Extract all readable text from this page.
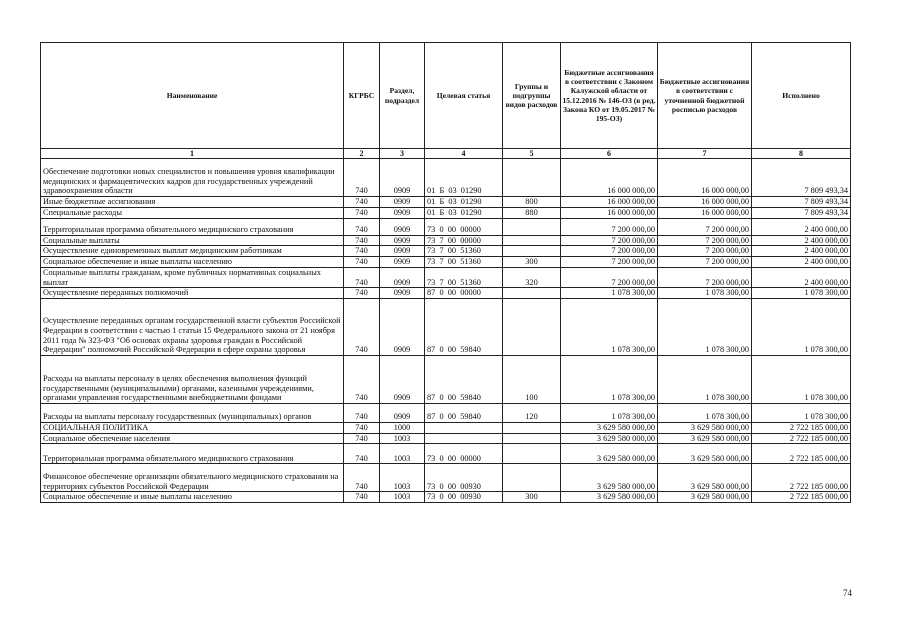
Наименование	КГРБС	Раздел, подраздел	Целевая статья	Группы и подгруппы видов расходов	Бюджетные ассигнования в соответствии с Законом Калужской области от 15.12.2016 № 146-ОЗ (в ред. Закона КО от 19.05.2017 № 195-ОЗ)	Бюджетные ассигнования в соответствии с уточненной бюджетной росписью расходов	Исполнено
1	2	3	4	5	6	7	8
Обеспечение подготовки новых специалистов и повышения уровня квалификации медицинских и фармацевтических кадров для государственных учреждений здравоохранения области	740	0909	01  Б  03  01290		16 000 000,00	16 000 000,00	7 809 493,34
Иные бюджетные ассигнования	740	0909	01  Б  03  01290	800	16 000 000,00	16 000 000,00	7 809 493,34
Специальные расходы	740	0909	01  Б  03  01290	880	16 000 000,00	16 000 000,00	7 809 493,34
Территориальная программа обязательного медицинского страхования	740	0909	73  0  00  00000		7 200 000,00	7 200 000,00	2 400 000,00
Социальные выплаты	740	0909	73  7  00  00000		7 200 000,00	7 200 000,00	2 400 000,00
Осуществление единовременных выплат медицинским работникам	740	0909	73  7  00  51360		7 200 000,00	7 200 000,00	2 400 000,00
Социальное обеспечение и иные выплаты населению	740	0909	73  7  00  51360	300	7 200 000,00	7 200 000,00	2 400 000,00
Социальные выплаты гражданам, кроме публичных нормативных социальных выплат	740	0909	73  7  00  51360	320	7 200 000,00	7 200 000,00	2 400 000,00
Осуществление переданных полномочий	740	0909	87  0  00  00000		1 078 300,00	1 078 300,00	1 078 300,00
Осуществление переданных органам государственной власти субъектов Российской Федерации в соответствии с частью 1 статьи 15 Федерального закона от 21 ноября 2011 года № 323-ФЗ "Об основах охраны здоровья граждан в Российской Федерации" полномочий Российской Федерации в сфере охраны здоровья	740	0909	87  0  00  59840		1 078 300,00	1 078 300,00	1 078 300,00
Расходы на выплаты персоналу в целях обеспечения выполнения функций государственными (муниципальными) органами, казенными учреждениями, органами управления государственными внебюджетными фондами	740	0909	87  0  00  59840	100	1 078 300,00	1 078 300,00	1 078 300,00
Расходы на выплаты персоналу государственных (муниципальных) органов	740	0909	87  0  00  59840	120	1 078 300,00	1 078 300,00	1 078 300,00
СОЦИАЛЬНАЯ ПОЛИТИКА	740	1000			3 629 580 000,00	3 629 580 000,00	2 722 185 000,00
Социальное обеспечение населения	740	1003			3 629 580 000,00	3 629 580 000,00	2 722 185 000,00
Территориальная программа обязательного медицинского страхования	740	1003	73  0  00  00000		3 629 580 000,00	3 629 580 000,00	2 722 185 000,00
Финансовое обеспечение организации обязательного медицинского страхования на территориях субъектов Российской Федерации	740	1003	73  0  00  00930		3 629 580 000,00	3 629 580 000,00	2 722 185 000,00
Социальное обеспечение и иные выплаты населению	740	1003	73  0  00  00930	300	3 629 580 000,00	3 629 580 000,00	2 722 185 000,00
74
